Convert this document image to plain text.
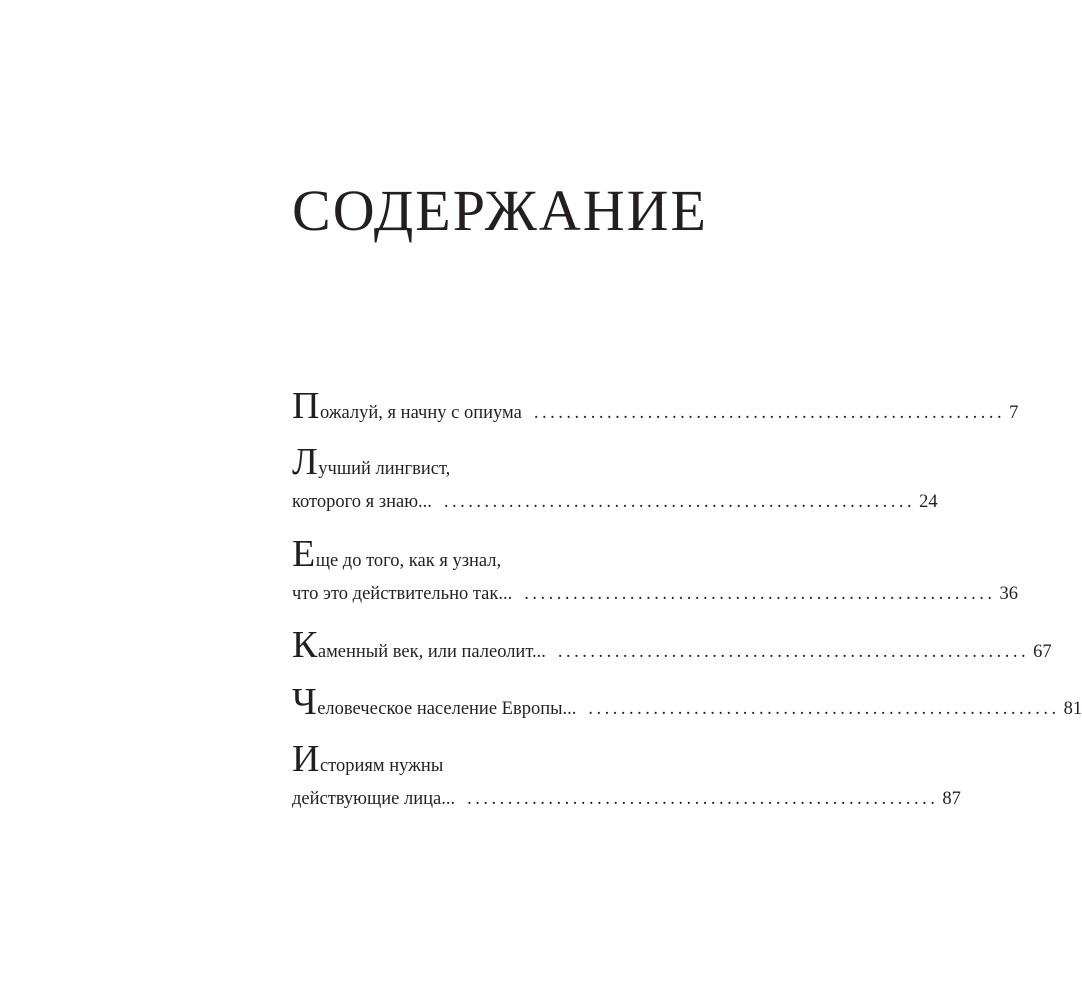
СОДЕРЖАНИЕ
Пожалуй, я начну с опиума .......................................................... 7
Лучший лингвист,
которого я знаю... .......................................................... 24
Еще до того, как я узнал,
что это действительно так... .......................................................... 36
Каменный век, или палеолит... .......................................................... 67
Человеческое население Европы... .......................................................... 81
Историям нужны
действующие лица... .......................................................... 87
